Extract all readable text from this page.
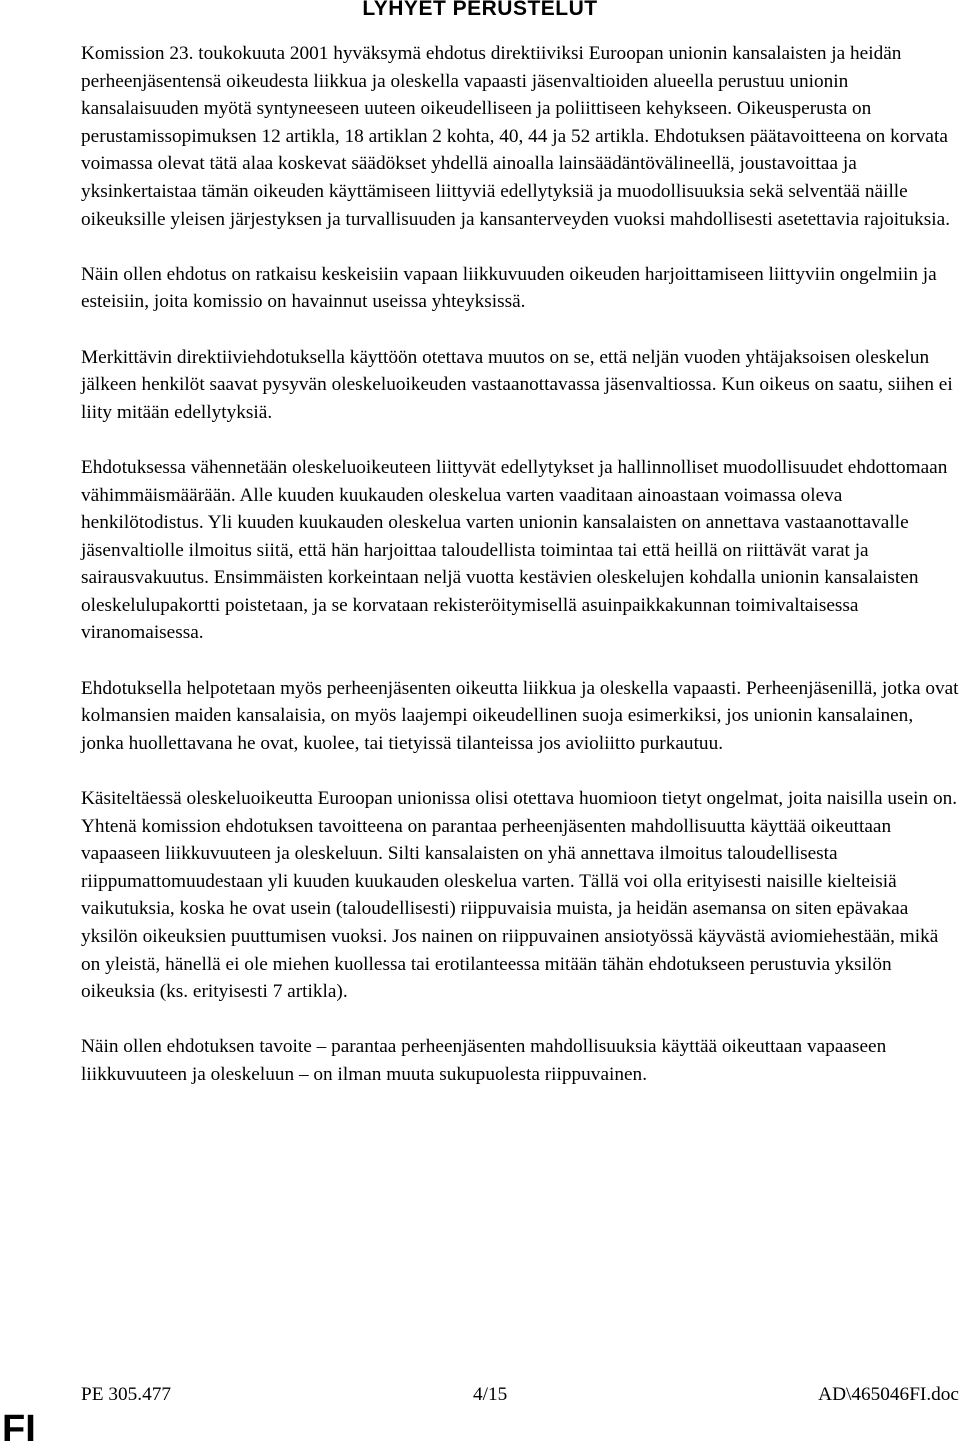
LYHYET PERUSTELUT

Komission 23. toukokuuta 2001 hyväksymä ehdotus direktiiviksi Euroopan unionin kansalaisten ja heidän perheenjäsentensä oikeudesta liikkua ja oleskella vapaasti jäsenvaltioiden alueella perustuu unionin kansalaisuuden myötä syntyneeseen uuteen oikeudelliseen ja poliittiseen kehykseen. Oikeusperusta on perustamissopimuksen 12 artikla, 18 artiklan 2 kohta, 40, 44 ja 52 artikla. Ehdotuksen päätavoitteena on korvata voimassa olevat tätä alaa koskevat säädökset yhdellä ainoalla lainsäädäntövälineellä, joustavoittaa ja yksinkertaistaa tämän oikeuden käyttämiseen liittyviä edellytyksiä ja muodollisuuksia sekä selventää näille oikeuksille yleisen järjestyksen ja turvallisuuden ja kansanterveyden vuoksi mahdollisesti asetettavia rajoituksia.

Näin ollen ehdotus on ratkaisu keskeisiin vapaan liikkuvuuden oikeuden harjoittamiseen liittyviin ongelmiin ja esteisiin, joita komissio on havainnut useissa yhteyksissä.

Merkittävin direktiiviehdotuksella käyttöön otettava muutos on se, että neljän vuoden yhtäjaksoisen oleskelun jälkeen henkilöt saavat pysyvän oleskeluoikeuden vastaanottavassa jäsenvaltiossa. Kun oikeus on saatu, siihen ei liity mitään edellytyksiä.

Ehdotuksessa vähennetään oleskeluoikeuteen liittyvät edellytykset ja hallinnolliset muodollisuudet ehdottomaan vähimmäismäärään. Alle kuuden kuukauden oleskelua varten vaaditaan ainoastaan voimassa oleva henkilötodistus. Yli kuuden kuukauden oleskelua varten unionin kansalaisten on annettava vastaanottavalle jäsenvaltiolle ilmoitus siitä, että hän harjoittaa taloudellista toimintaa tai että heillä on riittävät varat ja sairausvakuutus. Ensimmäisten korkeintaan neljä vuotta kestävien oleskelujen kohdalla unionin kansalaisten oleskelulupakortti poistetaan, ja se korvataan rekisteröitymisellä asuinpaikkakunnan toimivaltaisessa viranomaisessa.

Ehdotuksella helpotetaan myös perheenjäsenten oikeutta liikkua ja oleskella vapaasti. Perheenjäsenillä, jotka ovat kolmansien maiden kansalaisia, on myös laajempi oikeudellinen suoja esimerkiksi, jos unionin kansalainen, jonka huollettavana he ovat, kuolee, tai tietyissä tilanteissa jos avioliitto purkautuu.

Käsiteltäessä oleskeluoikeutta Euroopan unionissa olisi otettava huomioon tietyt ongelmat, joita naisilla usein on. Yhtenä komission ehdotuksen tavoitteena on parantaa perheenjäsenten mahdollisuutta käyttää oikeuttaan vapaaseen liikkuvuuteen ja oleskeluun. Silti kansalaisten on yhä annettava ilmoitus taloudellisesta riippumattomuudestaan yli kuuden kuukauden oleskelua varten. Tällä voi olla erityisesti naisille kielteisiä vaikutuksia, koska he ovat usein (taloudellisesti) riippuvaisia muista, ja heidän asemansa on siten epävakaa yksilön oikeuksien puuttumisen vuoksi. Jos nainen on riippuvainen ansiotyössä käyvästä aviomiehestään, mikä on yleistä, hänellä ei ole miehen kuollessa tai erotilanteessa mitään tähän ehdotukseen perustuvia yksilön oikeuksia (ks. erityisesti 7 artikla).

Näin ollen ehdotuksen tavoite – parantaa perheenjäsenten mahdollisuuksia käyttää oikeuttaan vapaaseen liikkuvuuteen ja oleskeluun – on ilman muuta sukupuolesta riippuvainen.

PE 305.477	4/15	AD\465046FI.doc
FI
